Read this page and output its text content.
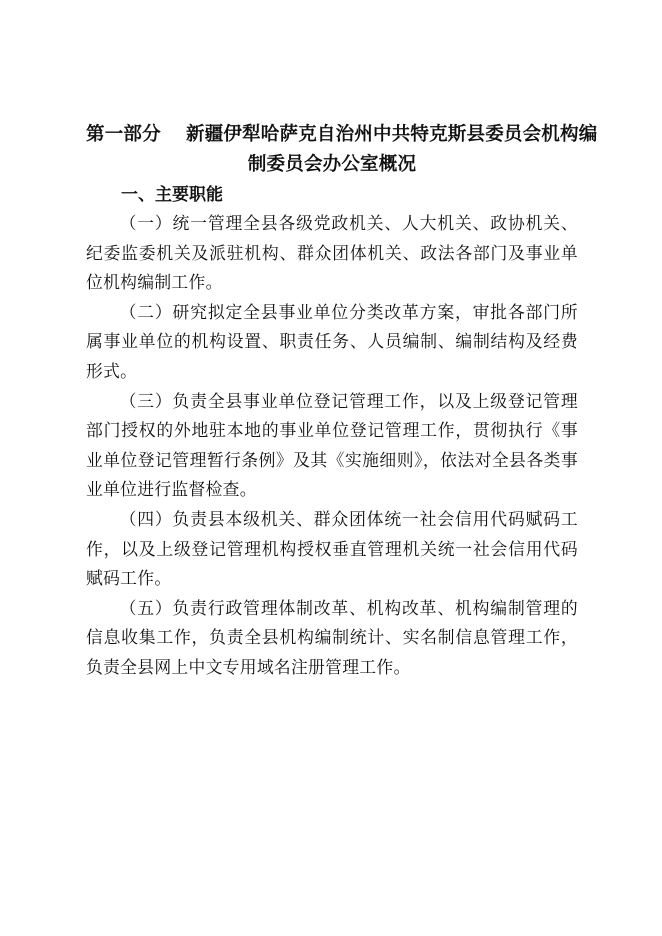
第一部分	新疆伊犁哈萨克自治州中共特克斯县委员会机构编
制委员会办公室概况
一、主要职能

（一）统一管理全县各级党政机关、人大机关、政协机关、纪委监委机关及派驻机构、群众团体机关、政法各部门及事业单位机构编制工作。

（二）研究拟定全县事业单位分类改革方案，审批各部门所属事业单位的机构设置、职责任务、人员编制、编制结构及经费形式。

（三）负责全县事业单位登记管理工作，以及上级登记管理部门授权的外地驻本地的事业单位登记管理工作，贯彻执行《事业单位登记管理暂行条例》及其《实施细则》，依法对全县各类事业单位进行监督检查。

（四）负责县本级机关、群众团体统一社会信用代码赋码工作，以及上级登记管理机构授权垂直管理机关统一社会信用代码赋码工作。

（五）负责行政管理体制改革、机构改革、机构编制管理的信息收集工作，负责全县机构编制统计、实名制信息管理工作，负责全县网上中文专用域名注册管理工作。
